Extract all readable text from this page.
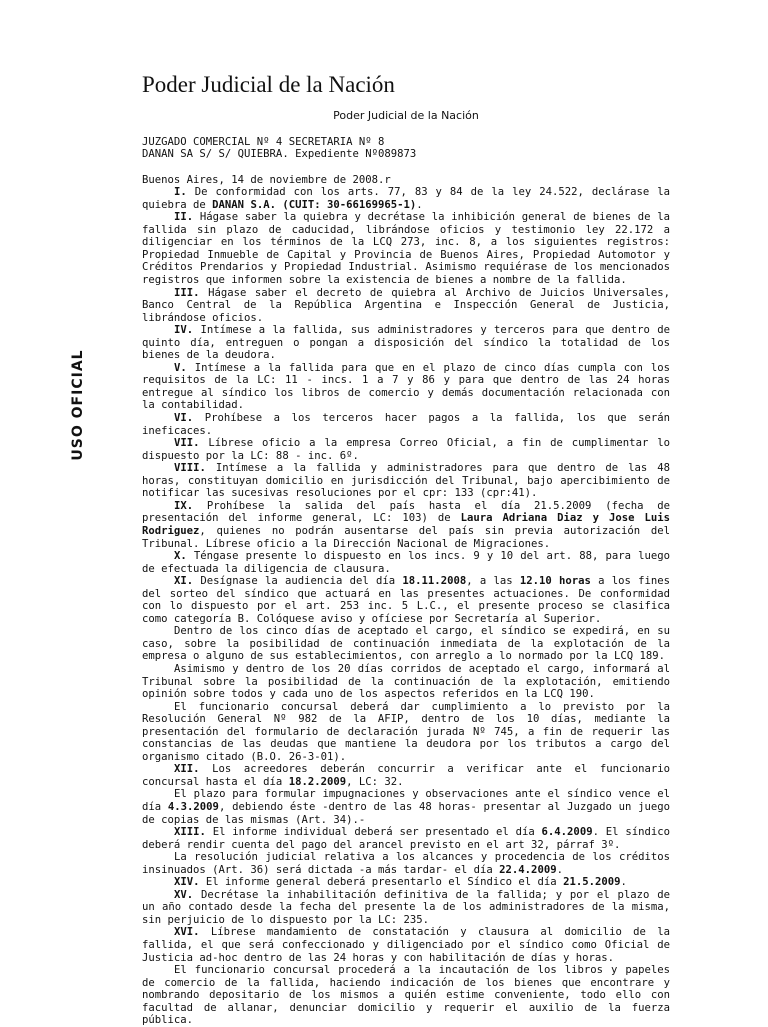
Poder Judicial de la Nación
USO OFICIAL
Poder Judicial de la Nación
JUZGADO COMERCIAL Nº 4 SECRETARIA Nº 8
DANAN SA S/ S/ QUIEBRA. Expediente Nº089873
Buenos Aires, 14 de noviembre de 2008.r

I. De conformidad con los arts. 77, 83 y 84 de la ley 24.522, declárase la quiebra de DANAN S.A. (CUIT: 30-66169965-1).

II. Hágase saber la quiebra y decrétase la inhibición general de bienes de la fallida sin plazo de caducidad, librándose oficios y testimonio ley 22.172 a diligenciar en los términos de la LCQ 273, inc. 8, a los siguientes registros: Propiedad Inmueble de Capital y Provincia de Buenos Aires, Propiedad Automotor y Créditos Prendarios y Propiedad Industrial. Asimismo requiérase de los mencionados registros que informen sobre la existencia de bienes a nombre de la fallida.

III. Hágase saber el decreto de quiebra al Archivo de Juicios Universales, Banco Central de la República Argentina e Inspección General de Justicia, librándose oficios.

IV. Intímese a la fallida, sus administradores y terceros para que dentro de quinto día, entreguen o pongan a disposición del síndico la totalidad de los bienes de la deudora.

V. Intímese a la fallida para que en el plazo de cinco días cumpla con los requisitos de la LC: 11 - incs. 1 a 7 y 86 y para que dentro de las 24 horas entregue al síndico los libros de comercio y demás documentación relacionada con la contabilidad.

VI. Prohíbese a los terceros hacer pagos a la fallida, los que serán ineficaces.

VII. Líbrese oficio a la empresa Correo Oficial, a fin de cumplimentar lo dispuesto por la LC: 88 - inc. 6º.

VIII. Intímese a la fallida y administradores para que dentro de las 48 horas, constituyan domicilio en jurisdicción del Tribunal, bajo apercibimiento de notificar las sucesivas resoluciones por el cpr: 133 (cpr:41).

IX. Prohíbese la salida del país hasta el día 21.5.2009 (fecha de presentación del informe general, LC: 103) de Laura Adriana Diaz y Jose Luis Rodriguez, quienes no podrán ausentarse del país sin previa autorización del Tribunal. Líbrese oficio a la Dirección Nacional de Migraciones.

X. Téngase presente lo dispuesto en los incs. 9 y 10 del art. 88, para luego de efectuada la diligencia de clausura.

XI. Desígnase la audiencia del día 18.11.2008, a las 12.10 horas a los fines del sorteo del síndico que actuará en las presentes actuaciones. De conformidad con lo dispuesto por el art. 253 inc. 5 L.C., el presente proceso se clasifica como categoría B. Colóquese aviso y ofíciese por Secretaría al Superior.

Dentro de los cinco días de aceptado el cargo, el síndico se expedirá, en su caso, sobre la posibilidad de continuación inmediata de la explotación de la empresa o alguno de sus establecimientos, con arreglo a lo normado por la LCQ 189.

Asimismo y dentro de los 20 días corridos de aceptado el cargo, informará al Tribunal sobre la posibilidad de la continuación de la explotación, emitiendo opinión sobre todos y cada uno de los aspectos referidos en la LCQ 190.

El funcionario concursal deberá dar cumplimiento a lo previsto por la Resolución General Nº 982 de la AFIP, dentro de los 10 días, mediante la presentación del formulario de declaración jurada Nº 745, a fin de requerir las constancias de las deudas que mantiene la deudora por los tributos a cargo del organismo citado (B.O. 26-3-01).

XII. Los acreedores deberán concurrir a verificar ante el funcionario concursal hasta el día 18.2.2009, LC: 32.

El plazo para formular impugnaciones y observaciones ante el síndico vence el día 4.3.2009, debiendo éste -dentro de las 48 horas- presentar al Juzgado un juego de copias de las mismas (Art. 34).-

XIII. El informe individual deberá ser presentado el día 6.4.2009. El síndico deberá rendir cuenta del pago del arancel previsto en el art 32, párraf 3º.

La resolución judicial relativa a los alcances y procedencia de los créditos insinuados (Art. 36) será dictada -a más tardar- el día 22.4.2009.

XIV. El informe general deberá presentarlo el Síndico el día 21.5.2009.

XV. Decrétase la inhabilitación definitiva de la fallida; y por el plazo de un año contado desde la fecha del presente la de los administradores de la misma, sin perjuicio de lo dispuesto por la LC: 235.

XVI. Líbrese mandamiento de constatación y clausura al domicilio de la fallida, el que será confeccionado y diligenciado por el síndico como Oficial de Justicia ad-hoc dentro de las 24 horas y con habilitación de días y horas.

El funcionario concursal procederá a la incautación de los libros y papeles de comercio de la fallida, haciendo indicación de los bienes que encontrare y nombrando depositario de los mismos a quién estime conveniente, todo ello con facultad de allanar, denunciar domicilio y requerir el auxilio de la fuerza pública.
